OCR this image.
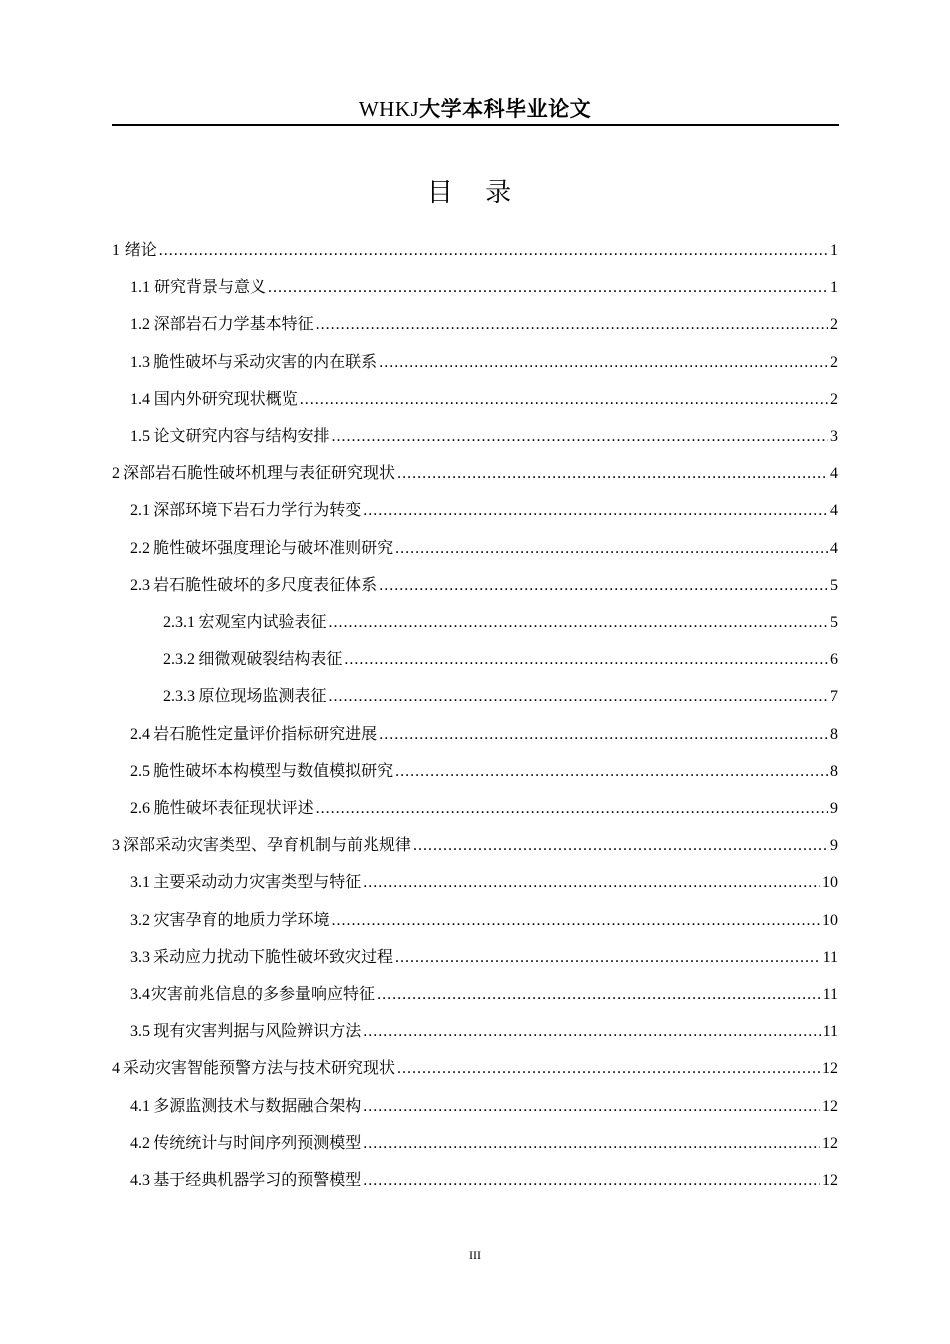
WHKJ大学本科毕业论文
目 录
1 绪论 .....	1
1.1 研究背景与意义 .....	1
1.2 深部岩石力学基本特征 .....	2
1.3 脆性破坏与采动灾害的内在联系 .....	2
1.4 国内外研究现状概览 .....	2
1.5 论文研究内容与结构安排 .....	3
2 深部岩石脆性破坏机理与表征研究现状 .....	4
2.1 深部环境下岩石力学行为转变 .....	4
2.2 脆性破坏强度理论与破坏准则研究 .....	4
2.3 岩石脆性破坏的多尺度表征体系 .....	5
2.3.1 宏观室内试验表征 .....	5
2.3.2 细微观破裂结构表征 .....	6
2.3.3 原位现场监测表征 .....	7
2.4 岩石脆性定量评价指标研究进展 .....	8
2.5 脆性破坏本构模型与数值模拟研究 .....	8
2.6 脆性破坏表征现状评述 .....	9
3 深部采动灾害类型、孕育机制与前兆规律 .....	9
3.1 主要采动动力灾害类型与特征 .....	10
3.2 灾害孕育的地质力学环境 .....	10
3.3 采动应力扰动下脆性破坏致灾过程 .....	11
3.4 灾害前兆信息的多参量响应特征 .....	11
3.5 现有灾害判据与风险辨识方法 .....	11
4 采动灾害智能预警方法与技术研究现状 .....	12
4.1 多源监测技术与数据融合架构 .....	12
4.2 传统统计与时间序列预测模型 .....	12
4.3 基于经典机器学习的预警模型 .....	12
III
